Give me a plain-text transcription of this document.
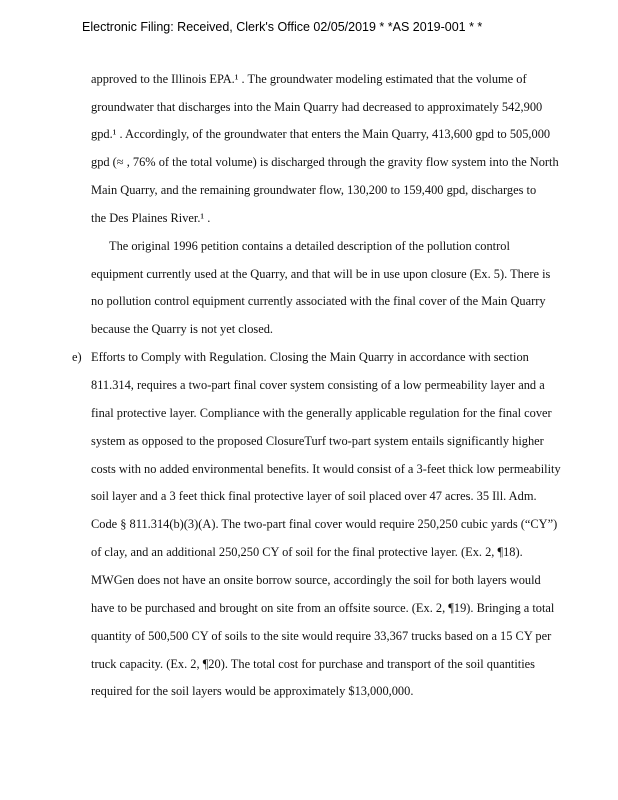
Electronic Filing: Received, Clerk's Office 02/05/2019 * *AS 2019-001 * *
approved to the Illinois EPA.¹ . The groundwater modeling estimated that the volume of
groundwater that discharges into the Main Quarry had decreased to approximately 542,900
gpd.¹ . Accordingly, of the groundwater that enters the Main Quarry, 413,600 gpd to 505,000
gpd (≈ , 76% of the total volume) is discharged through the gravity flow system into the North
Main Quarry, and the remaining groundwater flow, 130,200 to 159,400 gpd, discharges to
the Des Plaines River.¹ .
The original 1996 petition contains a detailed description of the pollution control
equipment currently used at the Quarry, and that will be in use upon closure (Ex. 5). There is
no pollution control equipment currently associated with the final cover of the Main Quarry
because the Quarry is not yet closed.
Efforts to Comply with Regulation. Closing the Main Quarry in accordance with section
811.314, requires a two-part final cover system consisting of a low permeability layer and a
final protective layer. Compliance with the generally applicable regulation for the final cover
system as opposed to the proposed ClosureTurf two-part system entails significantly higher
costs with no added environmental benefits. It would consist of a 3-feet thick low permeability
soil layer and a 3 feet thick final protective layer of soil placed over 47 acres. 35 Ill. Adm.
Code § 811.314(b)(3)(A). The two-part final cover would require 250,250 cubic yards (“CY”)
of clay, and an additional 250,250 CY of soil for the final protective layer. (Ex. 2, ¶18).
MWGen does not have an onsite borrow source, accordingly the soil for both layers would
have to be purchased and brought on site from an offsite source. (Ex. 2, ¶19). Bringing a total
quantity of 500,500 CY of soils to the site would require 33,367 trucks based on a 15 CY per
truck capacity. (Ex. 2, ¶20). The total cost for purchase and transport of the soil quantities
required for the soil layers would be approximately $13,000,000.
e)
